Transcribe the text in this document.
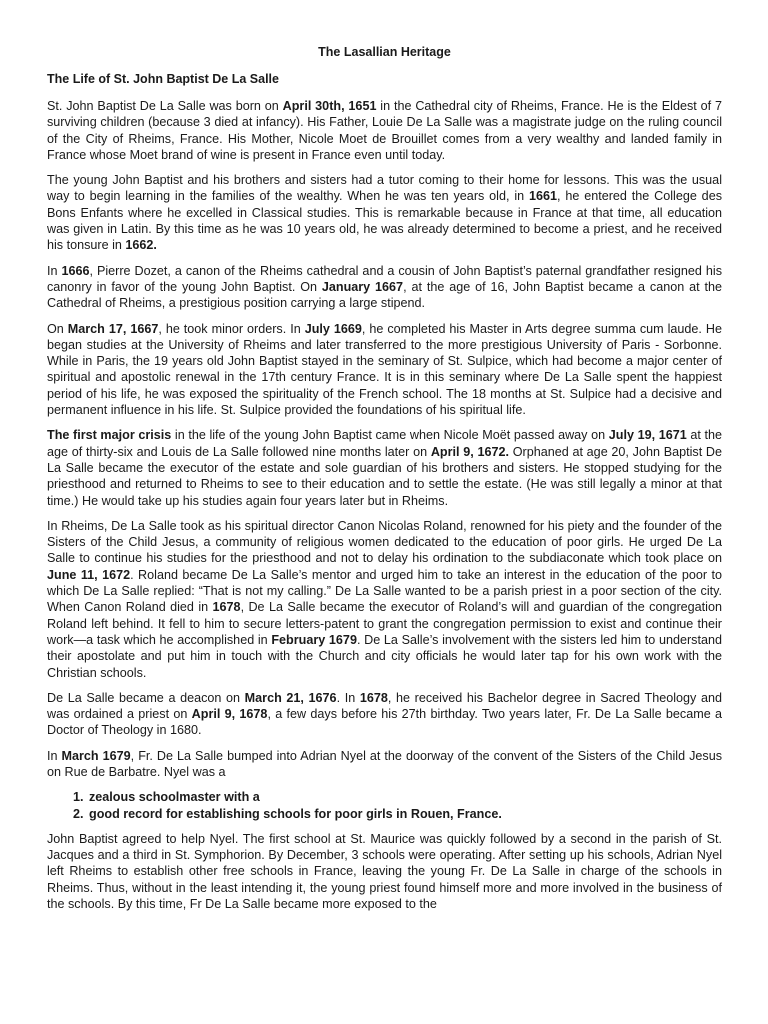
The Lasallian Heritage
The Life of St. John Baptist De La Salle

St. John Baptist De La Salle was born on April 30th, 1651 in the Cathedral city of Rheims, France. He is the Eldest of 7 surviving children (because 3 died at infancy). His Father, Louie De La Salle was a magistrate judge on the ruling council of the City of Rheims, France. His Mother, Nicole Moet de Brouillet comes from a very wealthy and landed family in France whose Moet brand of wine is present in France even until today.

The young John Baptist and his brothers and sisters had a tutor coming to their home for lessons. This was the usual way to begin learning in the families of the wealthy. When he was ten years old, in 1661, he entered the College des Bons Enfants where he excelled in Classical studies. This is remarkable because in France at that time, all education was given in Latin. By this time as he was 10 years old, he was already determined to become a priest, and he received his tonsure in 1662.

In 1666, Pierre Dozet, a canon of the Rheims cathedral and a cousin of John Baptist’s paternal grandfather resigned his canonry in favor of the young John Baptist. On January 1667, at the age of 16, John Baptist became a canon at the Cathedral of Rheims, a prestigious position carrying a large stipend.

On March 17, 1667, he took minor orders. In July 1669, he completed his Master in Arts degree summa cum laude. He began studies at the University of Rheims and later transferred to the more prestigious University of Paris - Sorbonne. While in Paris, the 19 years old John Baptist stayed in the seminary of St. Sulpice, which had become a major center of spiritual and apostolic renewal in the 17th century France. It is in this seminary where De La Salle spent the happiest period of his life, he was exposed the spirituality of the French school. The 18 months at St. Sulpice had a decisive and permanent influence in his life. St. Sulpice provided the foundations of his spiritual life.

The first major crisis in the life of the young John Baptist came when Nicole Moët passed away on July 19, 1671 at the age of thirty-six and Louis de La Salle followed nine months later on April 9, 1672. Orphaned at age 20, John Baptist De La Salle became the executor of the estate and sole guardian of his brothers and sisters. He stopped studying for the priesthood and returned to Rheims to see to their education and to settle the estate. (He was still legally a minor at that time.) He would take up his studies again four years later but in Rheims.

In Rheims, De La Salle took as his spiritual director Canon Nicolas Roland, renowned for his piety and the founder of the Sisters of the Child Jesus, a community of religious women dedicated to the education of poor girls. He urged De La Salle to continue his studies for the priesthood and not to delay his ordination to the subdiaconate which took place on June 11, 1672. Roland became De La Salle’s mentor and urged him to take an interest in the education of the poor to which De La Salle replied: “That is not my calling.” De La Salle wanted to be a parish priest in a poor section of the city. When Canon Roland died in 1678, De La Salle became the executor of Roland’s will and guardian of the congregation Roland left behind. It fell to him to secure letters-patent to grant the congregation permission to exist and continue their work—a task which he accomplished in February 1679. De La Salle’s involvement with the sisters led him to understand their apostolate and put him in touch with the Church and city officials he would later tap for his own work with the Christian schools.

De La Salle became a deacon on March 21, 1676. In 1678, he received his Bachelor degree in Sacred Theology and was ordained a priest on April 9, 1678, a few days before his 27th birthday. Two years later, Fr. De La Salle became a Doctor of Theology in 1680.

In March 1679, Fr. De La Salle bumped into Adrian Nyel at the doorway of the convent of the Sisters of the Child Jesus on Rue de Barbatre. Nyel was a

1. zealous schoolmaster with a
2. good record for establishing schools for poor girls in Rouen, France.

John Baptist agreed to help Nyel. The first school at St. Maurice was quickly followed by a second in the parish of St. Jacques and a third in St. Symphorion. By December, 3 schools were operating. After setting up his schools, Adrian Nyel left Rheims to establish other free schools in France, leaving the young Fr. De La Salle in charge of the schools in Rheims. Thus, without in the least intending it, the young priest found himself more and more involved in the business of the schools. By this time, Fr De La Salle became more exposed to the
